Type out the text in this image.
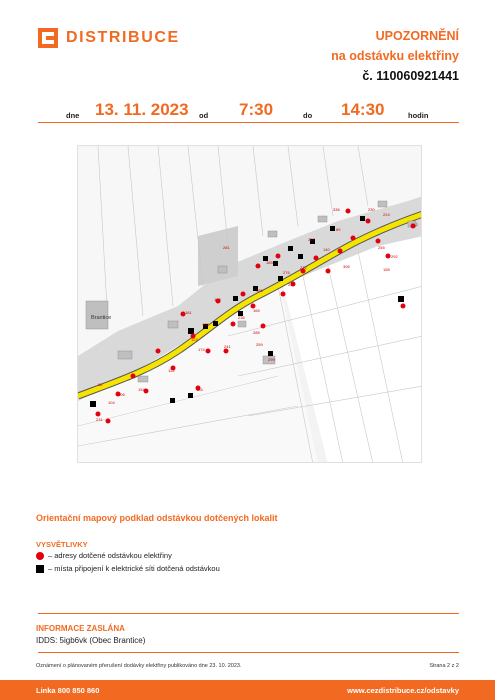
DISTRIBUCE	UPOZORNĚNÍ
na odstávku elektřiny
č. 110060921441
dne 13. 11. 2023 od 7:30	do 14:30	hodin
Brantice
281
224
142
336	230
140
272
276
185
266
306
158
165
236
259
241
123
86
231
104
181
107
299
154
106
122
174
89
186
227
255
292
134
123
285
Orientační mapový podklad odstávkou dotčených lokalit
VYSVĚTLIVKY
– adresy dotčené odstávkou elektřiny
– místa připojení k elektrické síti dotčená odstávkou
INFORMACE ZASLÁNA
IDDS: 5igb6vk (Obec Brantice)
Oznámení o plánovaném přerušení dodávky elektřiny publikováno dne 23. 10. 2023.	Strana 2 z 2
Linka 800 850 860	www.cezdistribuce.cz/odstavky
